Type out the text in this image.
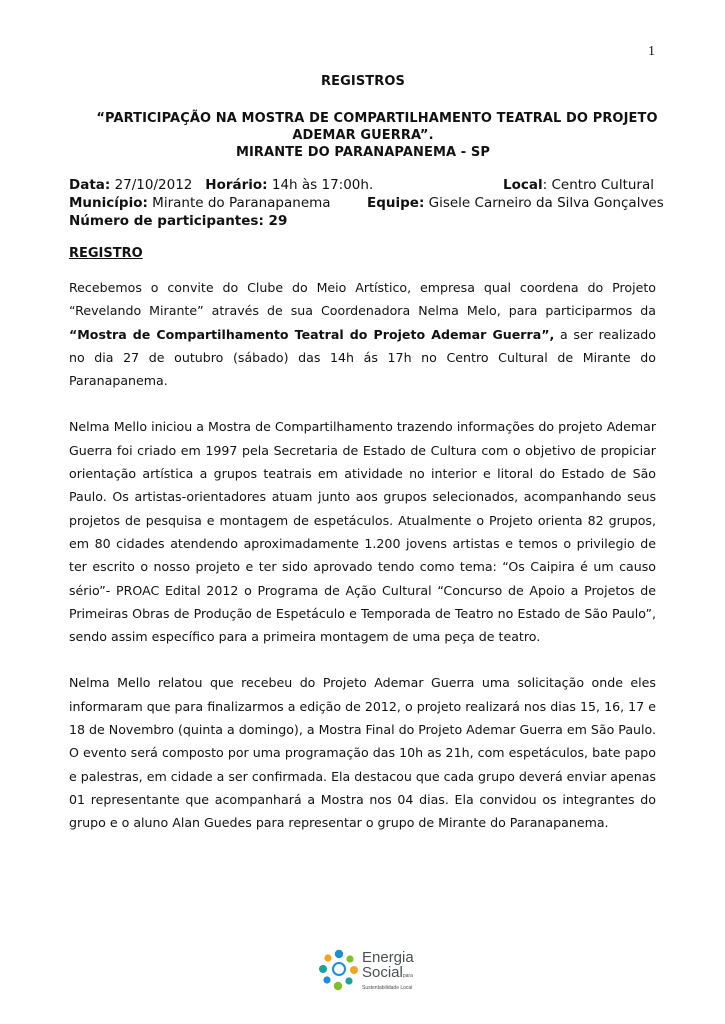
1
REGISTROS
“PARTICIPAÇÃO NA MOSTRA DE COMPARTILHAMENTO TEATRAL DO PROJETO
ADEMAR GUERRA”.
MIRANTE DO PARANAPANEMA - SP
Data: 27/10/2012 Horário: 14h às 17:00h.	Local: Centro Cultural
Município: Mirante do Paranapanema	Equipe: Gisele Carneiro da Silva Gonçalves
Número de participantes: 29
REGISTRO

Recebemos o convite do Clube do Meio Artístico, empresa qual coordena do Projeto “Revelando Mirante” através de sua Coordenadora Nelma Melo, para participarmos da “Mostra de Compartilhamento Teatral do Projeto Ademar Guerra”, a ser realizado no dia 27 de outubro (sábado) das 14h ás 17h no Centro Cultural de Mirante do Paranapanema.

Nelma Mello iniciou a Mostra de Compartilhamento trazendo informações do projeto Ademar Guerra foi criado em 1997 pela Secretaria de Estado de Cultura com o objetivo de propiciar orientação artística a grupos teatrais em atividade no interior e litoral do Estado de São Paulo. Os artistas-orientadores atuam junto aos grupos selecionados, acompanhando seus projetos de pesquisa e montagem de espetáculos. Atualmente o Projeto orienta 82 grupos, em 80 cidades atendendo aproximadamente 1.200 jovens artistas e temos o privilegio de ter escrito o nosso projeto e ter sido aprovado tendo como tema: “Os Caipira é um causo sério”- PROAC Edital 2012 o Programa de Ação Cultural “Concurso de Apoio a Projetos de Primeiras Obras de Produção de Espetáculo e Temporada de Teatro no Estado de São Paulo”, sendo assim específico para a primeira montagem de uma peça de teatro.

Nelma Mello relatou que recebeu do Projeto Ademar Guerra uma solicitação onde eles informaram que para finalizarmos a edição de 2012, o projeto realizará nos dias 15, 16, 17 e 18 de Novembro (quinta a domingo), a Mostra Final do Projeto Ademar Guerra em São Paulo. O evento será composto por uma programação das 10h as 21h, com espetáculos, bate papo e palestras, em cidade a ser confirmada. Ela destacou que cada grupo deverá enviar apenas 01 representante que acompanhará a Mostra nos 04 dias. Ela convidou os integrantes do grupo e o aluno Alan Guedes para representar o grupo de Mirante do Paranapanema.

Energia
Socialpara
Sustentabilidade Local
